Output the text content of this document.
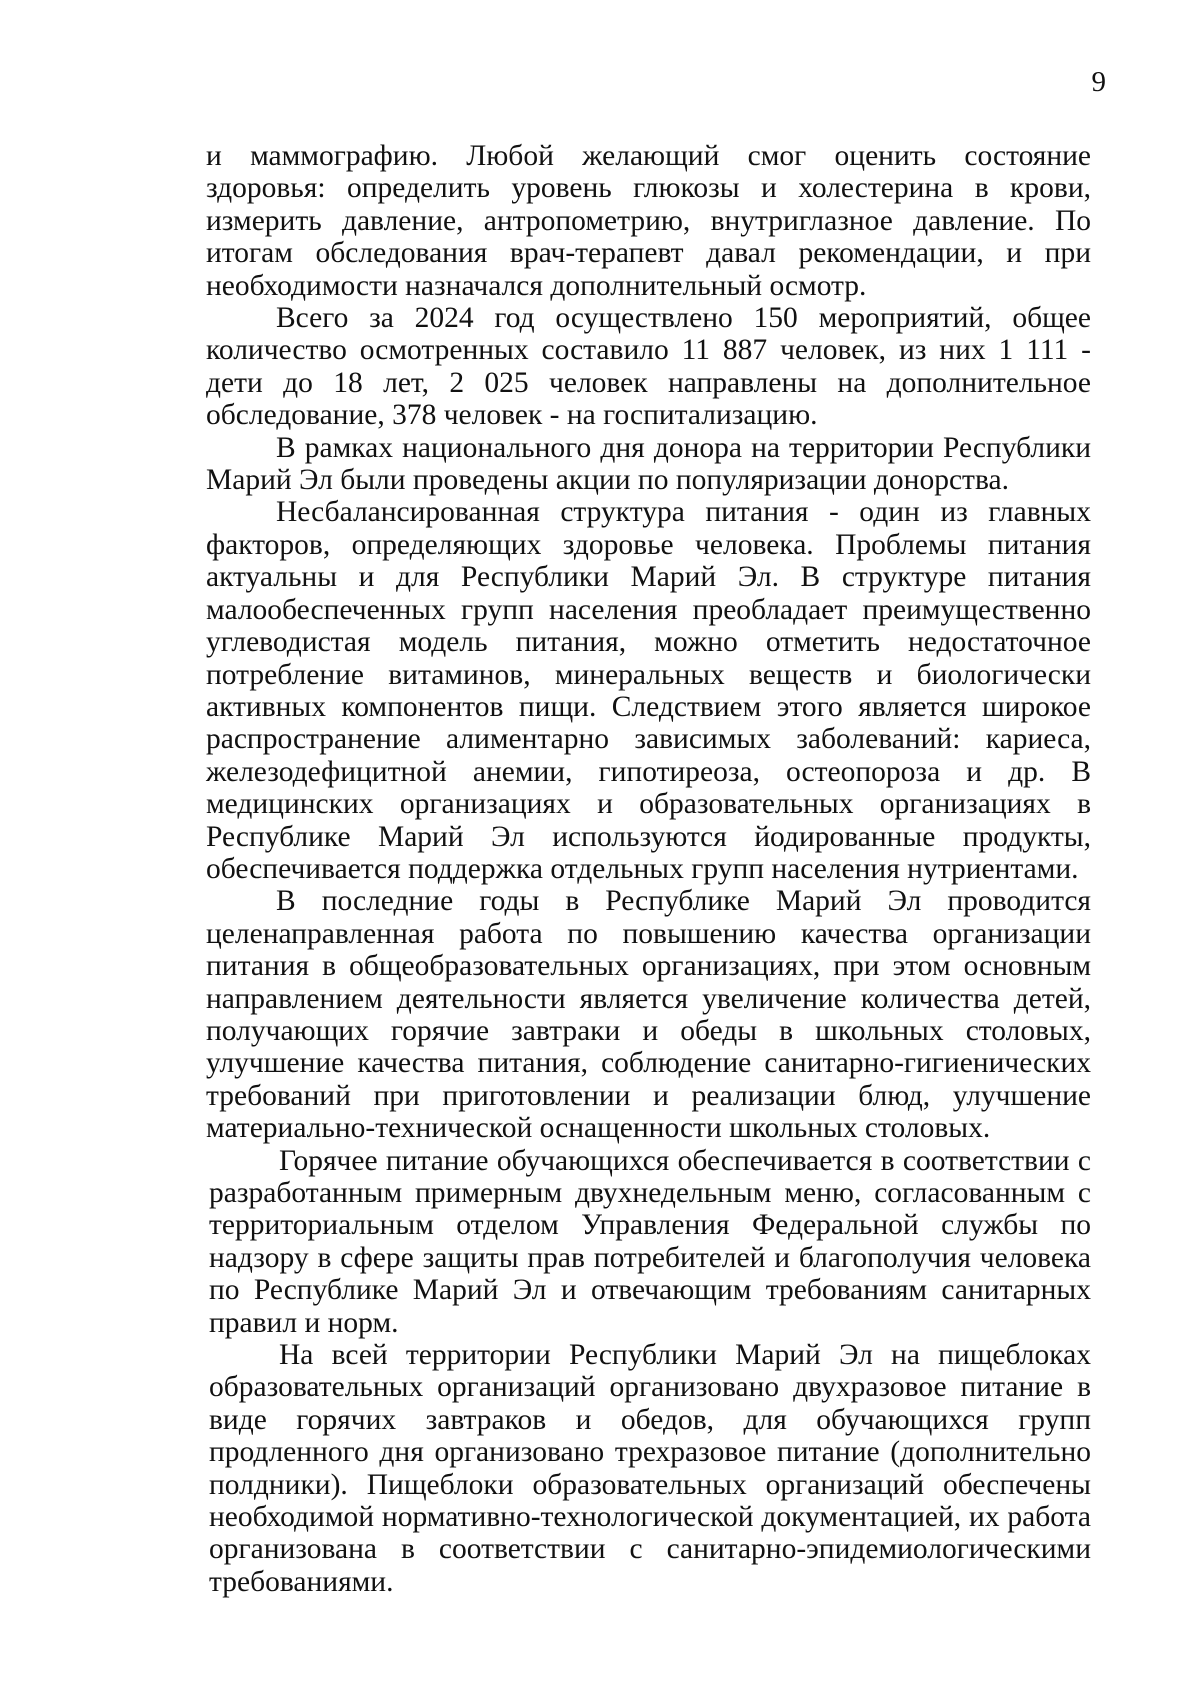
9

и маммографию. Любой желающий смог оценить состояние здоровья: определить уровень глюкозы и холестерина в крови, измерить давление, антропометрию, внутриглазное давление. По итогам обследования врач-терапевт давал рекомендации, и при необходимости назначался дополнительный осмотр.

Всего за 2024 год осуществлено 150 мероприятий, общее количество осмотренных составило 11 887 человек, из них 1 111 - дети до 18 лет, 2 025 человек направлены на дополнительное обследование, 378 человек - на госпитализацию.

В рамках национального дня донора на территории Республики Марий Эл были проведены акции по популяризации донорства.

Несбалансированная структура питания - один из главных факторов, определяющих здоровье человека. Проблемы питания актуальны и для Республики Марий Эл. В структуре питания малообеспеченных групп населения преобладает преимущественно углеводистая модель питания, можно отметить недостаточное потребление витаминов, минеральных веществ и биологически активных компонентов пищи. Следствием этого является широкое распространение алиментарно зависимых заболеваний: кариеса, железодефицитной анемии, гипотиреоза, остеопороза и др. В медицинских организациях и образовательных организациях в Республике Марий Эл используются йодированные продукты, обеспечивается поддержка отдельных групп населения нутриентами.

В последние годы в Республике Марий Эл проводится целенаправленная работа по повышению качества организации питания в общеобразовательных организациях, при этом основным направлением деятельности является увеличение количества детей, получающих горячие завтраки и обеды в школьных столовых, улучшение качества питания, соблюдение санитарно-гигиенических требований при приготовлении и реализации блюд, улучшение материально-технической оснащенности школьных столовых.

Горячее питание обучающихся обеспечивается в соответствии с разработанным примерным двухнедельным меню, согласованным с территориальным отделом Управления Федеральной службы по надзору в сфере защиты прав потребителей и благополучия человека по Республике Марий Эл и отвечающим требованиям санитарных правил и норм.

На всей территории Республики Марий Эл на пищеблоках образовательных организаций организовано двухразовое питание в виде горячих завтраков и обедов, для обучающихся групп продленного дня организовано трехразовое питание (дополнительно полдники). Пищеблоки образовательных организаций обеспечены необходимой нормативно-технологической документацией, их работа организована в соответствии с санитарно-эпидемиологическими требованиями.
